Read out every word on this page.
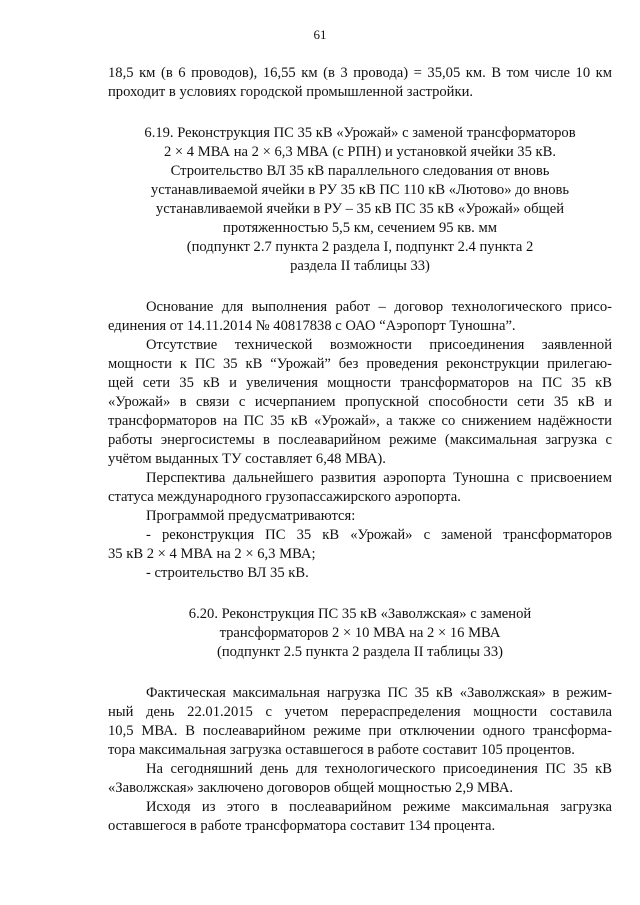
61
18,5 км (в 6 проводов), 16,55 км (в 3 провода) = 35,05 км. В том числе 10 км
проходит в условиях городской промышленной застройки.
6.19. Реконструкция ПС 35 кВ «Урожай» с заменой трансформаторов
2 × 4 МВА на 2 × 6,3 МВА (с РПН) и установкой ячейки 35 кВ.
Строительство ВЛ 35 кВ параллельного следования от вновь
устанавливаемой ячейки в РУ 35 кВ ПС 110 кВ «Лютово» до вновь
устанавливаемой ячейки в РУ – 35 кВ ПС 35 кВ «Урожай» общей
протяженностью 5,5 км, сечением 95 кв. мм
(подпункт 2.7 пункта 2 раздела I, подпункт 2.4 пункта 2
раздела II таблицы 33)
Основание для выполнения работ – договор технологического присо-
единения от 14.11.2014 № 40817838 с ОАО “Аэропорт Туношна”.
Отсутствие технической возможности присоединения заявленной
мощности к ПС 35 кВ “Урожай” без проведения реконструкции прилегаю-
щей сети 35 кВ и увеличения мощности трансформаторов на ПС 35 кВ
«Урожай» в связи с исчерпанием пропускной способности сети 35 кВ и
трансформаторов на ПС 35 кВ «Урожай», а также со снижением надёжности
работы энергосистемы в послеаварийном режиме (максимальная загрузка с
учётом выданных ТУ составляет 6,48 МВА).
Перспектива дальнейшего развития аэропорта Туношна с присвоением
статуса международного грузопассажирского аэропорта.
Программой предусматриваются:
- реконструкция ПС 35 кВ «Урожай» с заменой трансформаторов
35 кВ 2 × 4 МВА на 2 × 6,3 МВА;
- строительство ВЛ 35 кВ.
6.20. Реконструкция ПС 35 кВ «Заволжская» с заменой
трансформаторов 2 × 10 МВА на 2 × 16 МВА
(подпункт 2.5 пункта 2 раздела II таблицы 33)
Фактическая максимальная нагрузка ПС 35 кВ «Заволжская» в режим-
ный день 22.01.2015 с учетом перераспределения мощности составила
10,5 МВА. В послеаварийном режиме при отключении одного трансформа-
тора максимальная загрузка оставшегося в работе составит 105 процентов.
На сегодняшний день для технологического присоединения ПС 35 кВ
«Заволжская» заключено договоров общей мощностью 2,9 МВА.
Исходя из этого в послеаварийном режиме максимальная загрузка
оставшегося в работе трансформатора составит 134 процента.
